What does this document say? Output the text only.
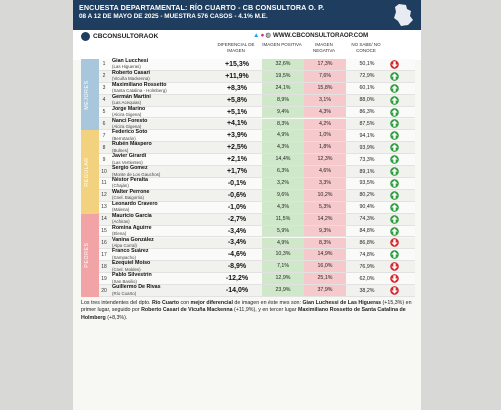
ENCUESTA DEPARTAMENTAL: RÍO CUARTO - CB CONSULTORA O. P.
08 A 12 DE MAYO DE 2025 - MUESTRA 576 CASOS - 4.1% M.E.
CBCONSULTORAOK
DIFERENCIAL DE IMAGEN
IMAGEN POSITIVA	IMAGEN NEGATIVA
NO SABE/ NO CONOCE
WWW.CBCONSULTORAOP.COM
▲●◍
MEJORES
REGULAR
PEORES
1
Gian Lucchesi
(Las Higueras)	+15,3%	32,6%	17,3%	50,1%
2
Roberto Casari
(Vicuña Mackenna)	+11,9%	19,5%	7,6%	72,9%
3
Maximiliano Rossetto
(Santa Catalina - Holmberg)	+8,3%	24,1%	15,8%	60,1%
4
Germán Martini
(Las Acequias)	+5,8%	8,9%	3,1%	88,0%
5
Jorge Marino
(Alcira Gigena)	+5,1%	9,4%	4,3%	86,3%
6
Nanci Foresto
(Alcira Gigena)	+4,1%	8,3%	4,2%	87,5%
7
Federico Soto
(Berrotarán)	+3,9%	4,9%	1,0%	94,1%
8
Rubén Máspero
(Bulnes)	+2,5%	4,3%	1,8%	93,9%
9
Javier Girardi
(Las Vertientes)	+2,1%	14,4%	12,3%	73,3%
10
Sergio Gomez
(Monte de Los Gauchos)	+1,7%	6,3%	4,6%	89,1%
11
Néstor Peralta
(Chaján)	-0,1%	3,2%	3,3%	93,5%
12
Walter Perrone
(Cnel. Baigorria)	-0,6%	9,6%	10,2%	80,2%
13
Leonardo Cravero
(Malena)	-1,0%	4,3%	5,3%	90,4%
14
Mauricio García
(Achiras)	-2,7%	11,5%	14,2%	74,3%
15
Romina Aguirre
(Elena)	-3,4%	5,9%	9,3%	84,8%
16
Vanina González
(Alpa Corral)	-3,4%	4,9%	8,3%	86,8%
17
Franco Suárez
(Sampacho)	-4,6%	10,3%	14,9%	74,8%
18
Ezequiel Moiso
(Cnel. Moldes)	-8,9%	7,1%	16,0%	76,9%
19
Pablo Silvestrin
(San Basilio)	-12,2%	12,9%	25,1%	62,0%
20
Guillermo De Rivas
(Río Cuarto)	-14,0%	23,9%	37,9%	38,2%
Los tres intendentes del dpto. Río Cuarto con mejor diferencial de imagen en éste mes son: Gian Luchessi de Las Higueras (+15,3%) en primer lugar, seguido por Roberto Casari de Vicuña Mackenna (+11,9%), y en tercer lugar Maximiliano Rossetto de Santa Catalina de Holmberg (+8,3%).
